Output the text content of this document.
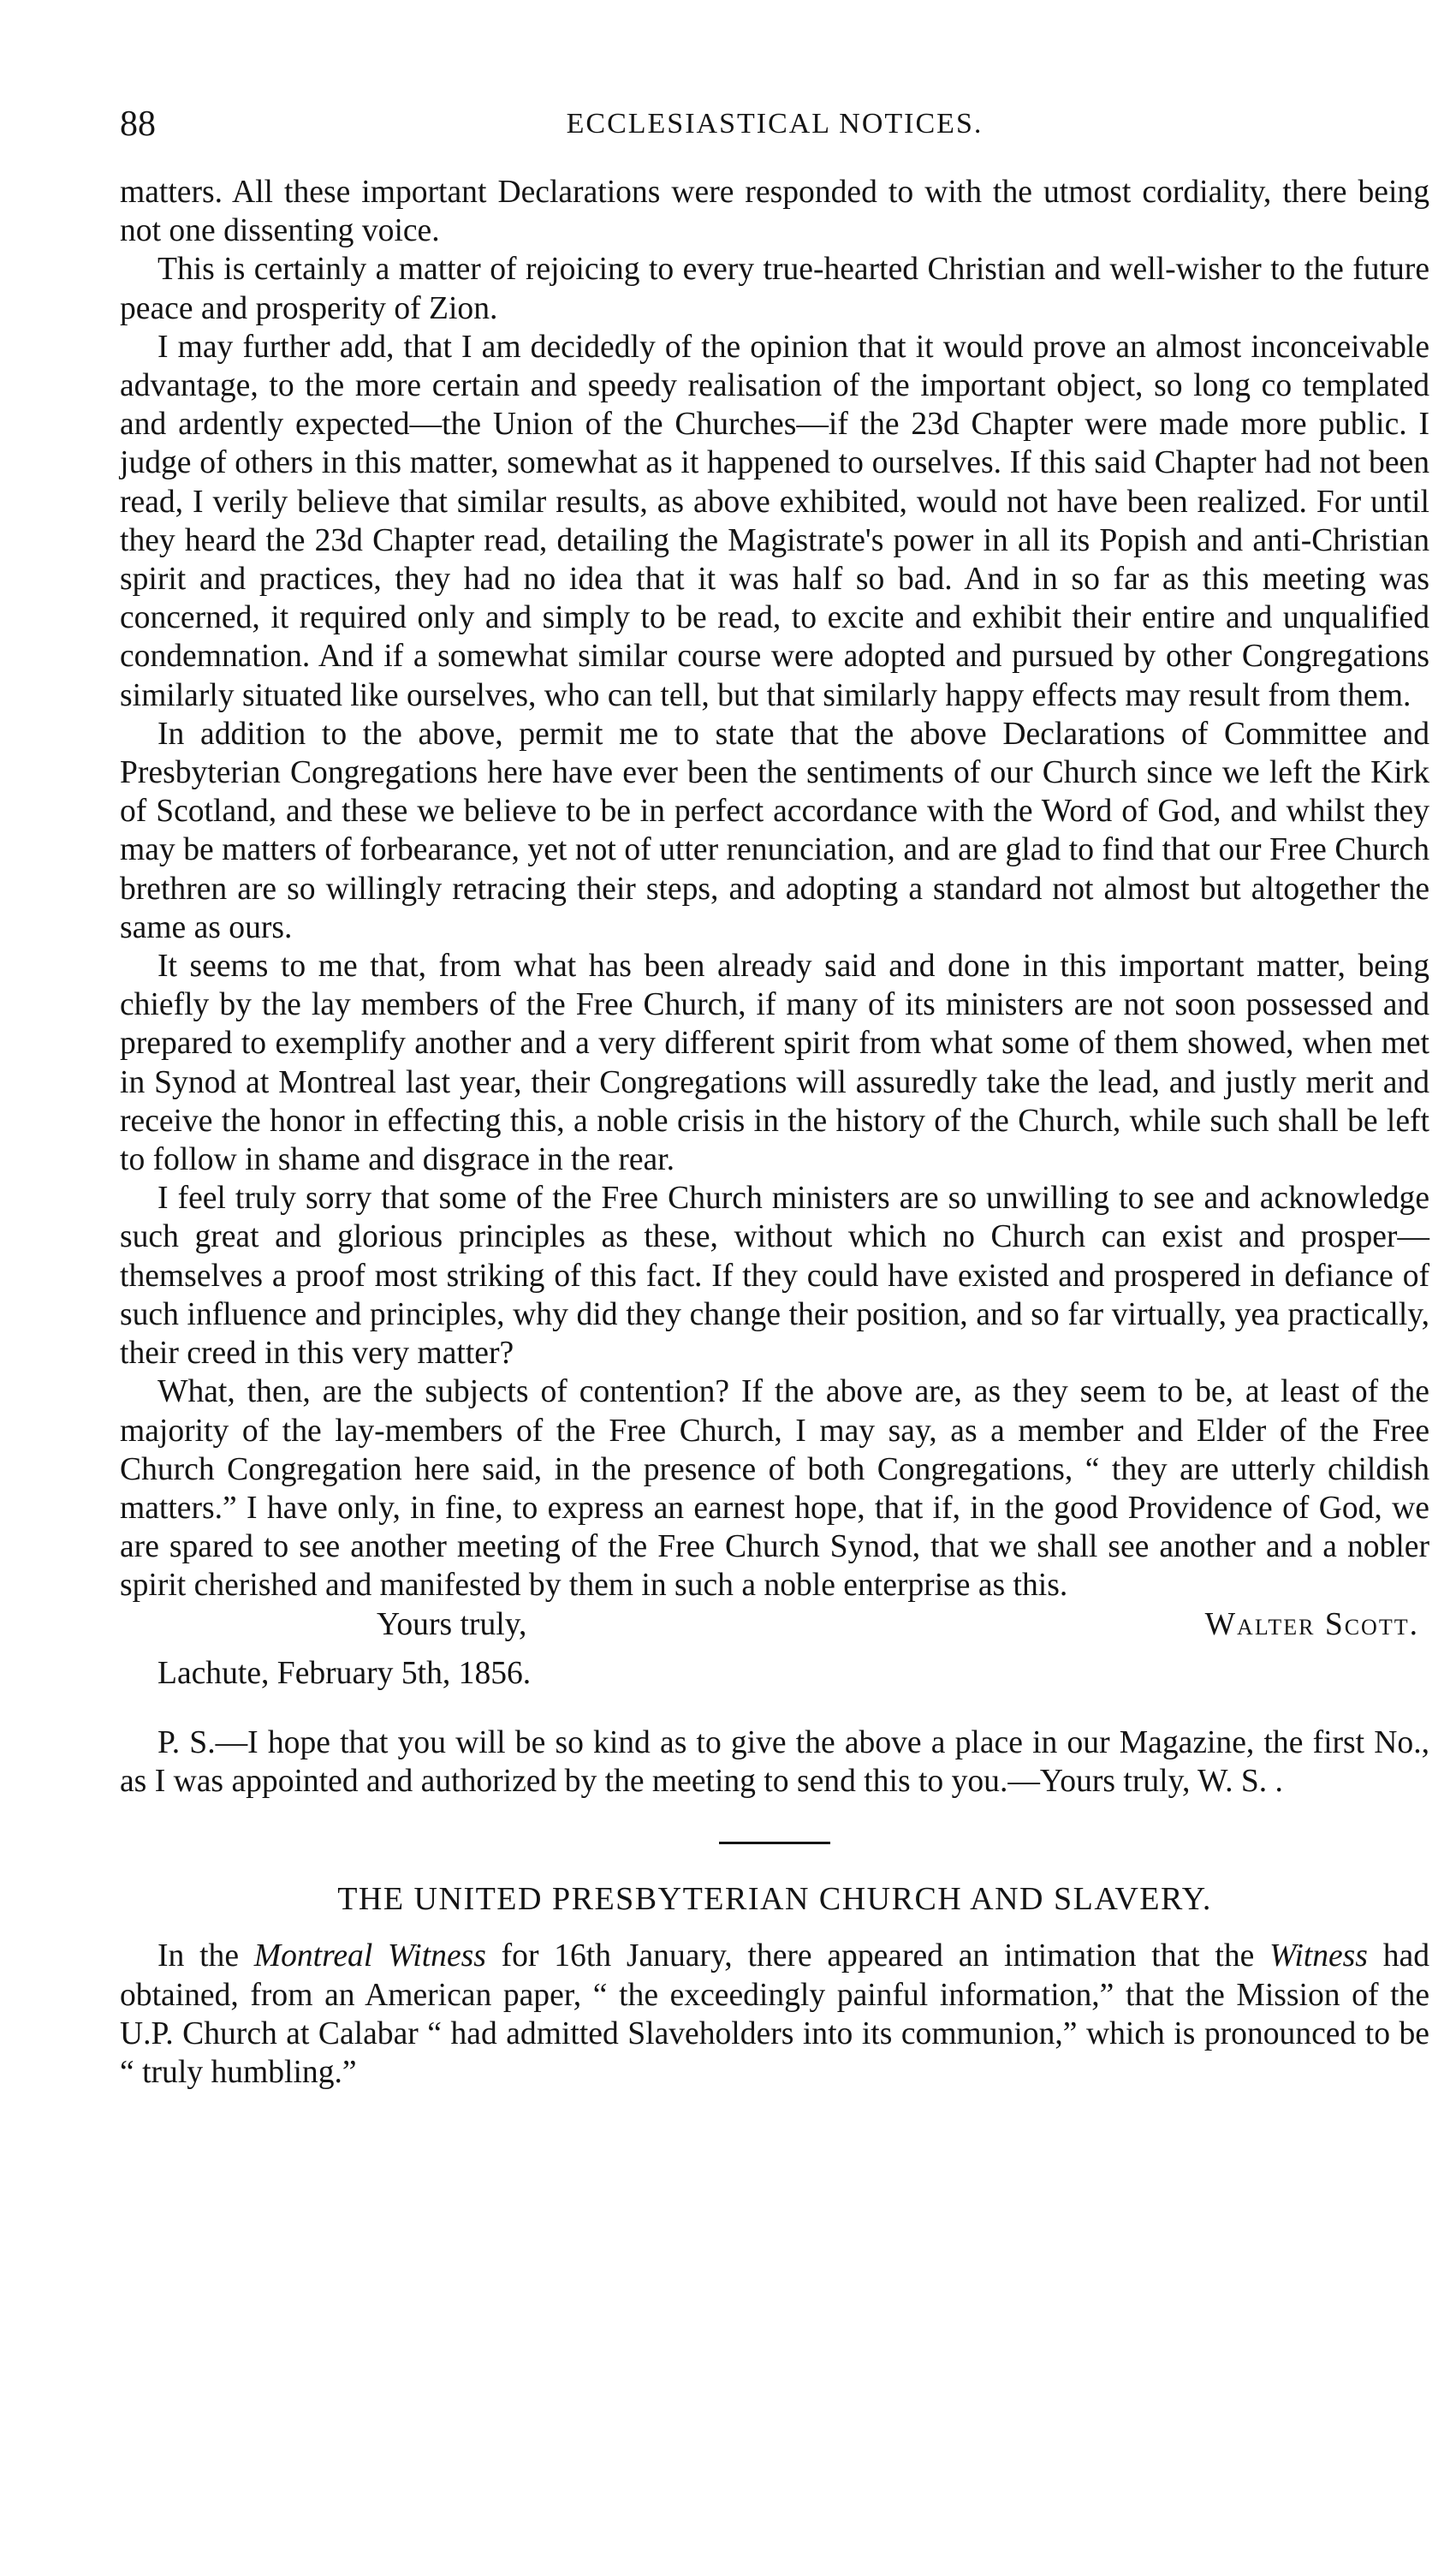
88	ECCLESIASTICAL NOTICES.

matters. All these important Declarations were responded to with the utmost cordiality, there being not one dissenting voice.

This is certainly a matter of rejoicing to every true-hearted Christian and well-wisher to the future peace and prosperity of Zion.

I may further add, that I am decidedly of the opinion that it would prove an almost inconceivable advantage, to the more certain and speedy realisation of the important object, so long co templated and ardently expected—the Union of the Churches—if the 23d Chapter were made more public. I judge of others in this matter, somewhat as it happened to ourselves. If this said Chapter had not been read, I verily believe that similar results, as above exhibited, would not have been realized. For until they heard the 23d Chapter read, detailing the Magistrate's power in all its Popish and anti-Christian spirit and practices, they had no idea that it was half so bad. And in so far as this meeting was concerned, it required only and simply to be read, to excite and exhibit their entire and unqualified condemnation. And if a somewhat similar course were adopted and pursued by other Congregations similarly situated like ourselves, who can tell, but that similarly happy effects may result from them.

In addition to the above, permit me to state that the above Declarations of Committee and Presbyterian Congregations here have ever been the sentiments of our Church since we left the Kirk of Scotland, and these we believe to be in perfect accordance with the Word of God, and whilst they may be matters of forbearance, yet not of utter renunciation, and are glad to find that our Free Church brethren are so willingly retracing their steps, and adopting a standard not almost but altogether the same as ours.

It seems to me that, from what has been already said and done in this important matter, being chiefly by the lay members of the Free Church, if many of its ministers are not soon possessed and prepared to exemplify another and a very different spirit from what some of them showed, when met in Synod at Montreal last year, their Congregations will assuredly take the lead, and justly merit and receive the honor in effecting this, a noble crisis in the history of the Church, while such shall be left to follow in shame and disgrace in the rear.

I feel truly sorry that some of the Free Church ministers are so unwilling to see and acknowledge such great and glorious principles as these, without which no Church can exist and prosper—themselves a proof most striking of this fact. If they could have existed and prospered in defiance of such influence and principles, why did they change their position, and so far virtually, yea practically, their creed in this very matter?

What, then, are the subjects of contention? If the above are, as they seem to be, at least of the majority of the lay-members of the Free Church, I may say, as a member and Elder of the Free Church Congregation here said, in the presence of both Congregations, “ they are utterly childish matters.” I have only, in fine, to express an earnest hope, that if, in the good Providence of God, we are spared to see another meeting of the Free Church Synod, that we shall see another and a nobler spirit cherished and manifested by them in such a noble enterprise as this.

Yours truly,	Walter Scott.
Lachute, February 5th, 1856.
P. S.—I hope that you will be so kind as to give the above a place in our Magazine, the first No., as I was appointed and authorized by the meeting to send this to you.—Yours truly, W. S. .
THE UNITED PRESBYTERIAN CHURCH AND SLAVERY.
In the Montreal Witness for 16th January, there appeared an intimation that the Witness had obtained, from an American paper, “ the exceedingly painful information,” that the Mission of the U.P. Church at Calabar “ had admitted Slaveholders into its communion,” which is pronounced to be “ truly humbling.”
